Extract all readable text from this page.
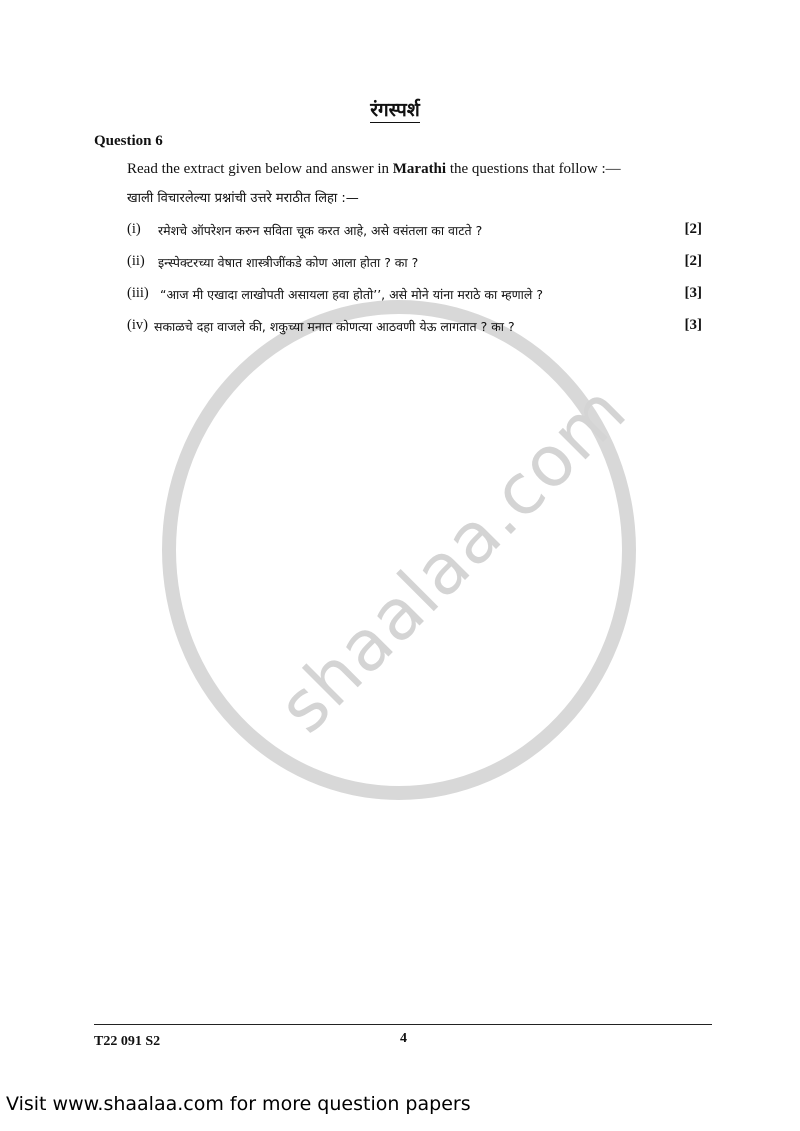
shaalaa.com
रंगस्पर्श
Question 6
Read the extract given below and answer in Marathi the questions that follow :—
खाली विचारलेल्या प्रश्नांची उत्तरे मराठीत लिहा :—
(i) रमेशचे ऑपरेशन करुन सविता चूक करत आहे, असे वसंतला का वाटते ?	[2]
(ii) इन्स्पेक्टरच्या वेषात शास्त्रीजींकडे कोण आला होता ? का ?	[2]
(iii) “आज मी एखादा लाखोपती असायला हवा होतो’’, असे मोने यांना मराठे का म्हणाले ?	[3]
(iv) सकाळचे दहा वाजले की, शकुच्या मनात कोणत्या आठवणी येऊ लागतात ? का ?	[3]
T22 091 S2	4
Visit www.shaalaa.com for more question papers
